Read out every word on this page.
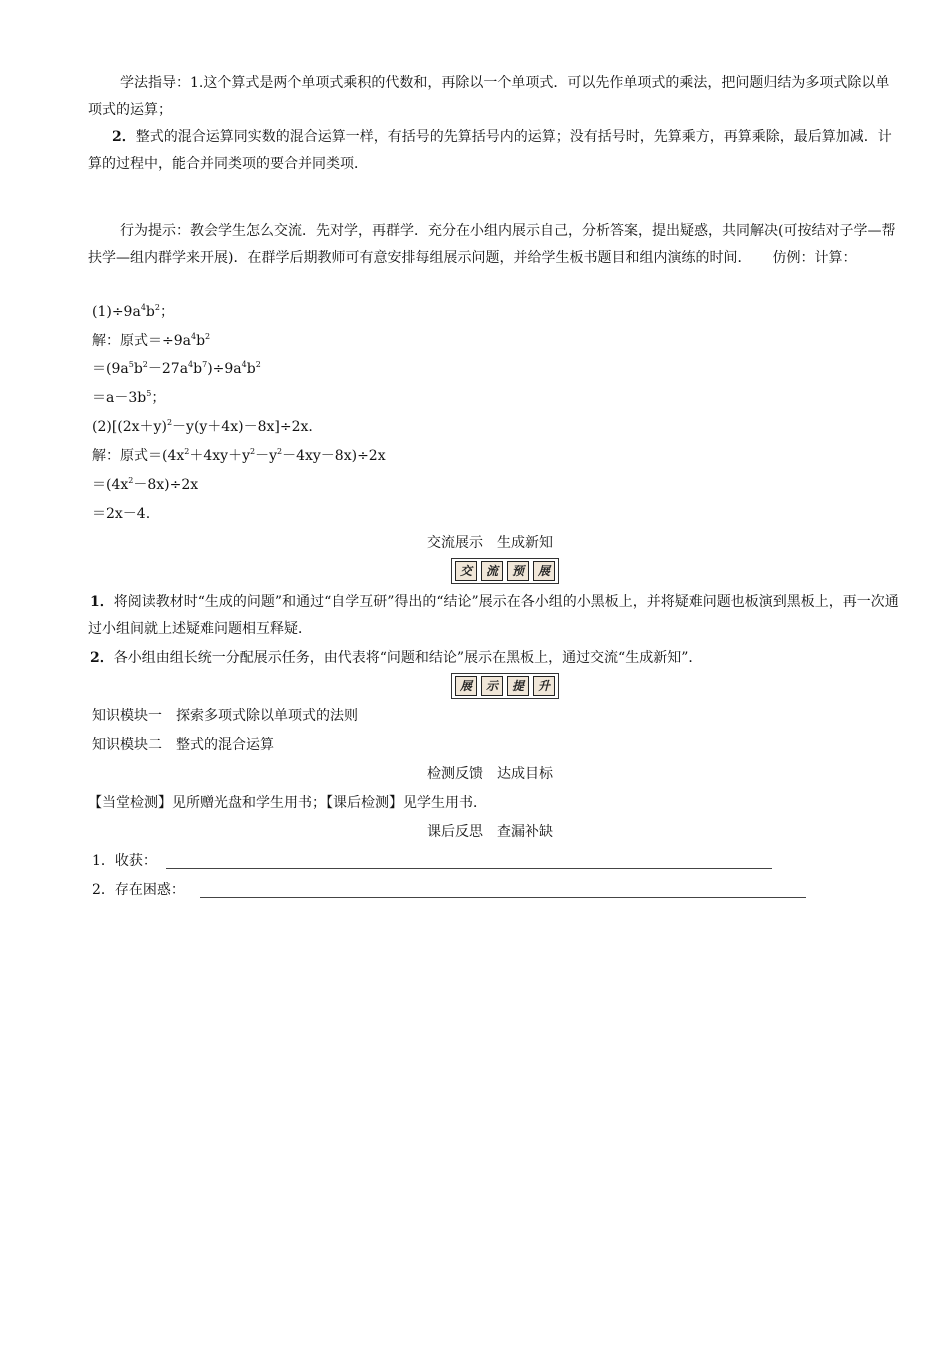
学法指导：1.这个算式是两个单项式乘积的代数和，再除以一个单项式．可以先作单项式的乘法，把问题归结为多项式除以单项式的运算；
2．整式的混合运算同实数的混合运算一样，有括号的先算括号内的运算；没有括号时，先算乘方，再算乘除，最后算加减．计算的过程中，能合并同类项的要合并同类项．
行为提示：教会学生怎么交流．先对学，再群学．充分在小组内展示自己，分析答案，提出疑惑，共同解决(可按结对子学—帮扶学—组内群学来开展)．在群学后期教师可有意安排每组展示问题，并给学生板书题目和组内演练的时间．　　仿例：计算：
$(1)\div 9a^4b^2$；
解：原式$=\div 9a^4b^2$
$=(9a^5b^2-27a^4b^7)\div 9a^4b^2$
$=a-3b^5$；
$(2)[(2x+y)^2-y(y+4x)-8x]\div 2x$.
解：原式$=(4x^2+4xy+y^2-y^2-4xy-8x)\div 2x$
$=(4x^2-8x)\div 2x$
＝2x－4.
交流展示　生成新知
交	流	预	展
1．将阅读教材时“生成的问题”和通过“自学互研”得出的“结论”展示在各小组的小黑板上，并将疑难问题也板演到黑板上，再一次通过小组间就上述疑难问题相互释疑．
2．各小组由组长统一分配展示任务，由代表将“问题和结论”展示在黑板上，通过交流“生成新知”．
展	示	提	升
知识模块一　探索多项式除以单项式的法则
知识模块二　整式的混合运算
检测反馈　达成目标
【当堂检测】见所赠光盘和学生用书；【课后检测】见学生用书．
课后反思　查漏补缺
1．收获：
2．存在困惑：
